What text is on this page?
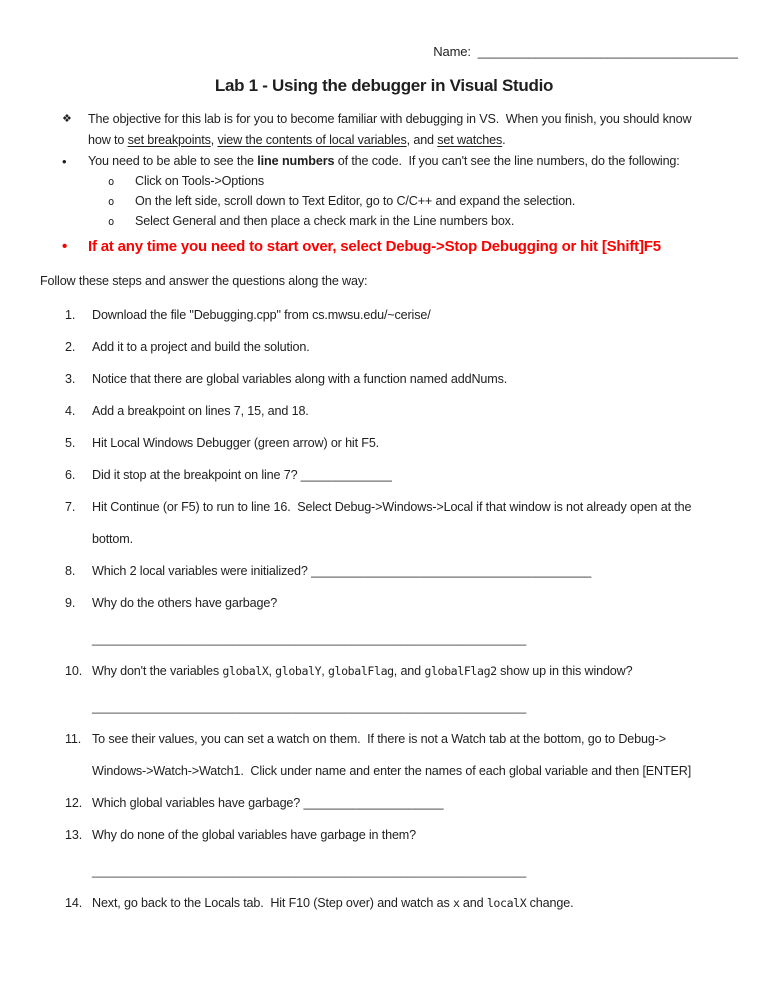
Name:  ____________________________________
Lab 1 - Using the debugger in Visual Studio
❖	The objective for this lab is for you to become familiar with debugging in VS.  When you finish, you should know
how to set breakpoints, view the contents of local variables, and set watches.
•	You need to be able to see the line numbers of the code.  If you can't see the line numbers, do the following:
o	Click on Tools->Options
o	On the left side, scroll down to Text Editor, go to C/C++ and expand the selection.
o	Select General and then place a check mark in the Line numbers box.
•	If at any time you need to start over, select Debug->Stop Debugging or hit [Shift]F5
Follow these steps and answer the questions along the way:
1.	Download the file "Debugging.cpp" from cs.mwsu.edu/~cerise/
2.	Add it to a project and build the solution.
3.	Notice that there are global variables along with a function named addNums.
4.	Add a breakpoint on lines 7, 15, and 18.
5.	Hit Local Windows Debugger (green arrow) or hit F5.
6.	Did it stop at the breakpoint on line 7? _____________
7.	Hit Continue (or F5) to run to line 16.  Select Debug->Windows->Local if that window is not already open at the
bottom.
8.	Which 2 local variables were initialized? ________________________________________
9.	Why do the others have garbage?
______________________________________________________________
10. Why don't the variables globalX, globalY, globalFlag, and globalFlag2 show up in this window?
______________________________________________________________
11. To see their values, you can set a watch on them.  If there is not a Watch tab at the bottom, go to Debug->
Windows->Watch->Watch1.  Click under name and enter the names of each global variable and then [ENTER]
12. Which global variables have garbage? ____________________
13. Why do none of the global variables have garbage in them?
______________________________________________________________
14. Next, go back to the Locals tab.  Hit F10 (Step over) and watch as x and localX change.
